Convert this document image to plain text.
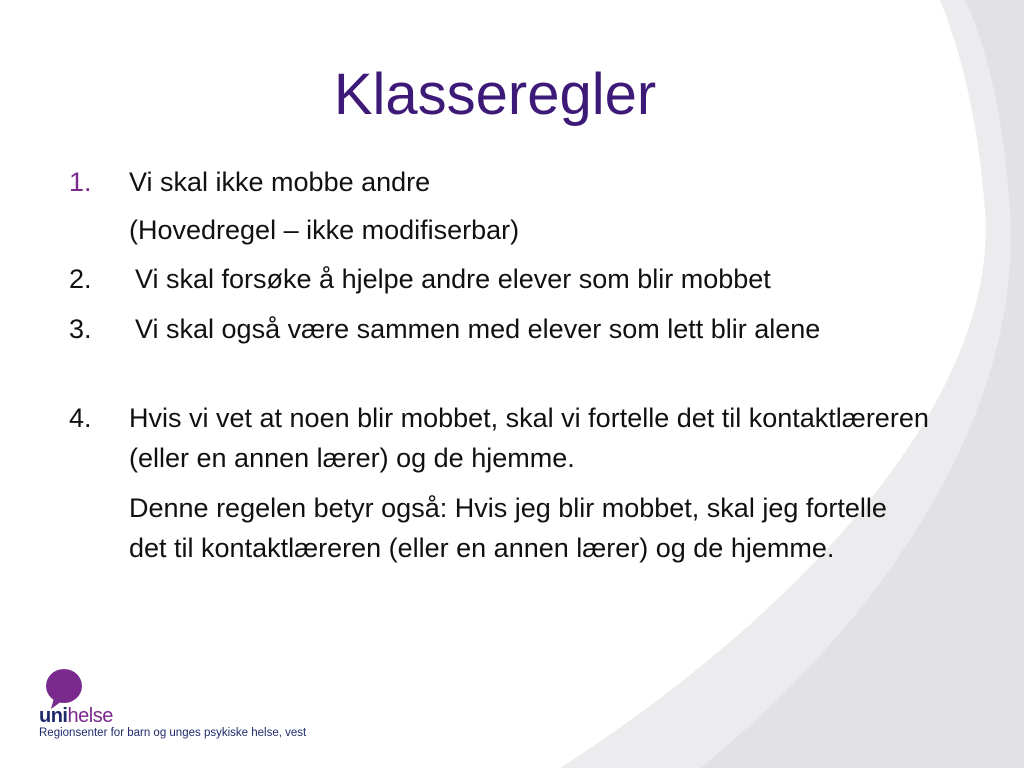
Klasseregler
1. Vi skal ikke mobbe andre
(Hovedregel – ikke modifiserbar)
2. Vi skal forsøke å hjelpe andre elever som blir mobbet
3. Vi skal også være sammen med elever som lett blir alene
4. Hvis vi vet at noen blir mobbet, skal vi fortelle det til kontaktlæreren (eller en annen lærer) og de hjemme.
Denne regelen betyr også: Hvis jeg blir mobbet, skal jeg fortelle det til kontaktlæreren (eller en annen lærer) og de hjemme.
unihelse
Regionsenter for barn og unges psykiske helse, vest
